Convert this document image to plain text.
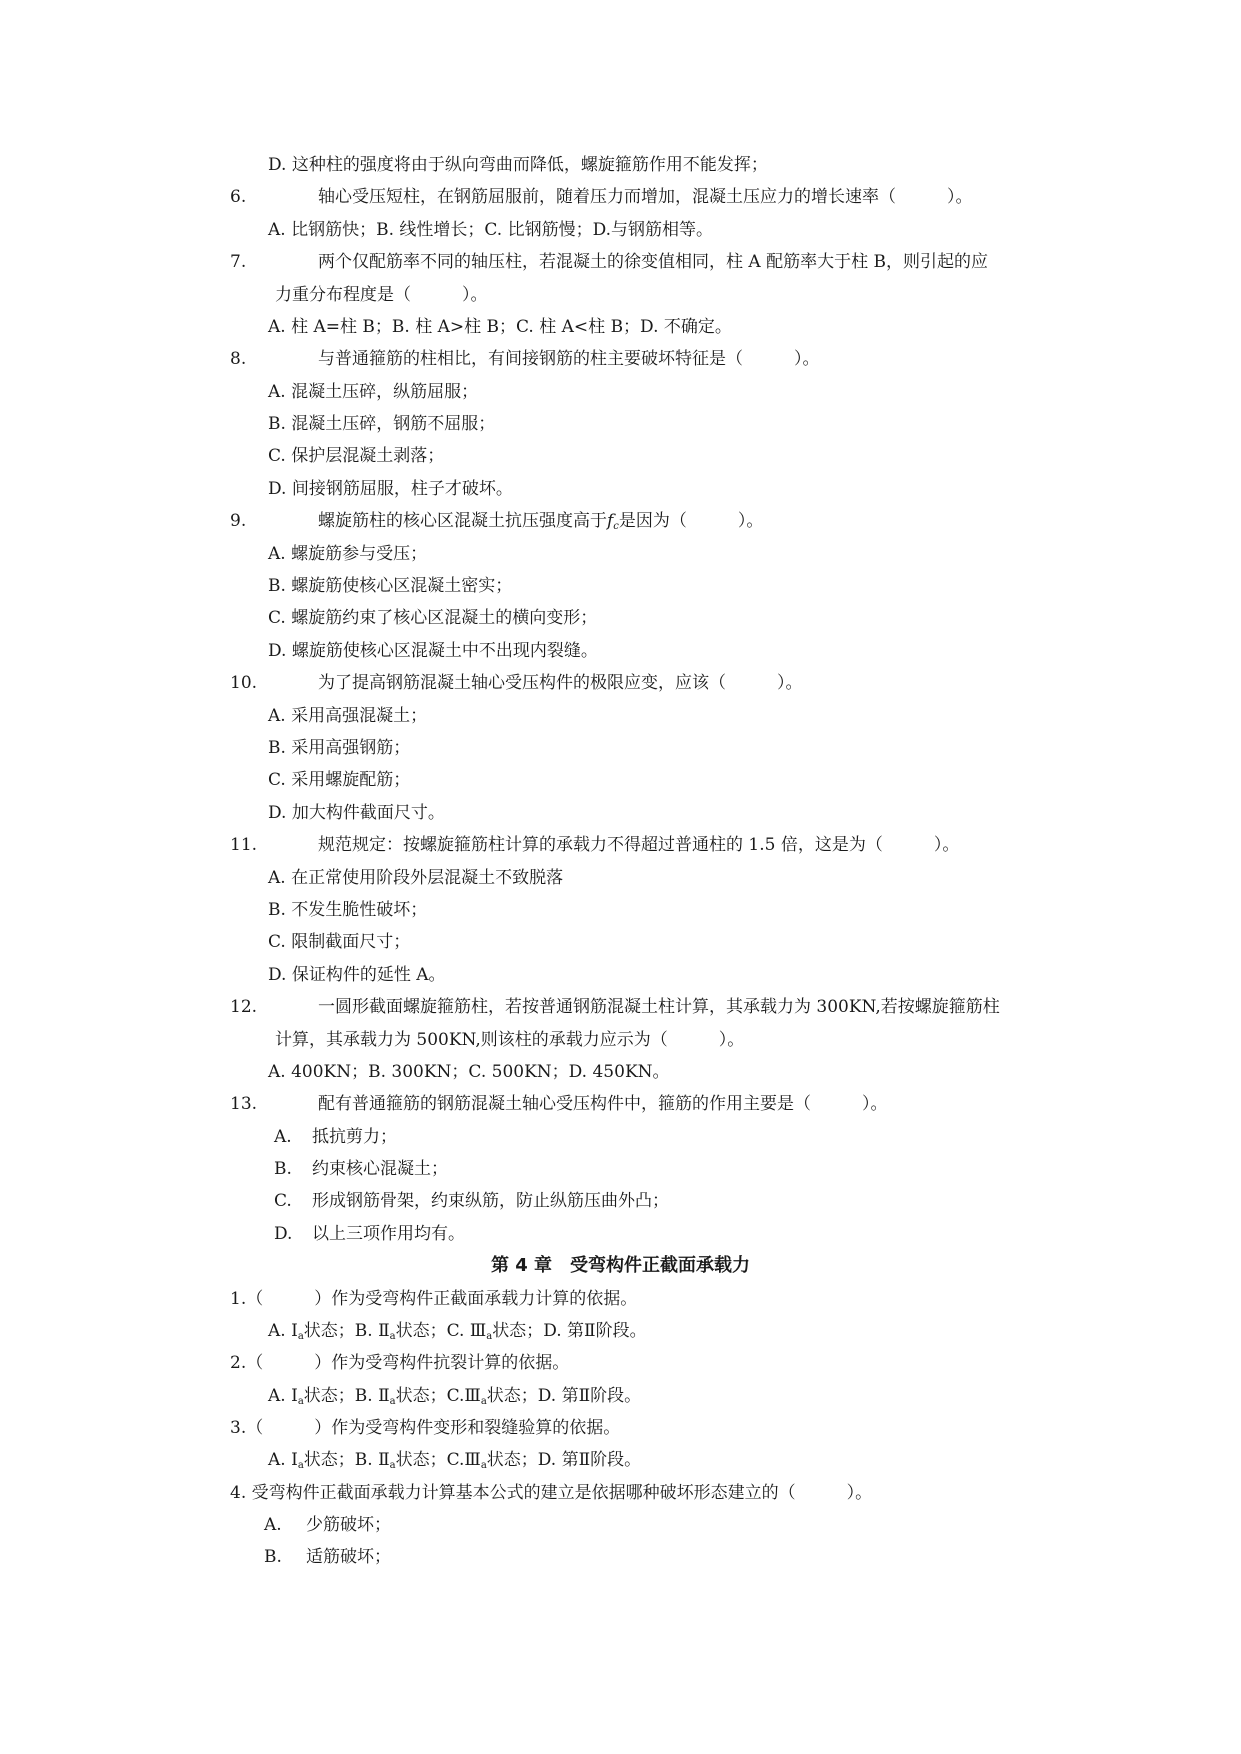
D. 这种柱的强度将由于纵向弯曲而降低，螺旋箍筋作用不能发挥；
6.	轴心受压短柱，在钢筋屈服前，随着压力而增加，混凝土压应力的增长速率（　　　）。
A. 比钢筋快；B. 线性增长；C. 比钢筋慢；D.与钢筋相等。
7.	两个仅配筋率不同的轴压柱，若混凝土的徐变值相同，柱 A 配筋率大于柱 B，则引起的应
力重分布程度是（　　　）。
A. 柱 A=柱 B；B. 柱 A>柱 B；C. 柱 A<柱 B；D. 不确定。
8.	与普通箍筋的柱相比，有间接钢筋的柱主要破坏特征是（　　　）。
A. 混凝土压碎，纵筋屈服；
B. 混凝土压碎，钢筋不屈服；
C. 保护层混凝土剥落；
D. 间接钢筋屈服，柱子才破坏。
9.	螺旋筋柱的核心区混凝土抗压强度高于$f_c$是因为（　　　）。
A. 螺旋筋参与受压；
B. 螺旋筋使核心区混凝土密实；
C. 螺旋筋约束了核心区混凝土的横向变形；
D. 螺旋筋使核心区混凝土中不出现内裂缝。
10.	为了提高钢筋混凝土轴心受压构件的极限应变，应该（　　　）。
A. 采用高强混凝土；
B. 采用高强钢筋；
C. 采用螺旋配筋；
D. 加大构件截面尺寸。
11.	规范规定：按螺旋箍筋柱计算的承载力不得超过普通柱的 1.5 倍，这是为（　　　）。
A. 在正常使用阶段外层混凝土不致脱落
B. 不发生脆性破坏；
C. 限制截面尺寸；
D. 保证构件的延性 A。
12.	一圆形截面螺旋箍筋柱，若按普通钢筋混凝土柱计算，其承载力为 300KN,若按螺旋箍筋柱
计算，其承载力为 500KN,则该柱的承载力应示为（　　　）。
A. 400KN；B. 300KN；C. 500KN；D. 450KN。
13.	配有普通箍筋的钢筋混凝土轴心受压构件中，箍筋的作用主要是（　　　）。
A. 抵抗剪力；
B. 约束核心混凝土；
C. 形成钢筋骨架，约束纵筋，防止纵筋压曲外凸；
D. 以上三项作用均有。
第 4 章　受弯构件正截面承载力
1.（　　　）作为受弯构件正截面承载力计算的依据。
A. $Ⅰ_a$状态；B. $Ⅱ_a$状态；C. $Ⅲ_a$状态；D. 第Ⅱ阶段。
2.（　　　）作为受弯构件抗裂计算的依据。
A. $Ⅰ_a$状态；B. $Ⅱ_a$状态；$C.Ⅲ_a$状态；D. 第Ⅱ阶段。
3.（　　　）作为受弯构件变形和裂缝验算的依据。
A. $Ⅰ_a$状态；B. $Ⅱ_a$状态；$C.Ⅲ_a$状态；D. 第Ⅱ阶段。
4. 受弯构件正截面承载力计算基本公式的建立是依据哪种破坏形态建立的（　　　）。
A. 少筋破坏；
B. 适筋破坏；
